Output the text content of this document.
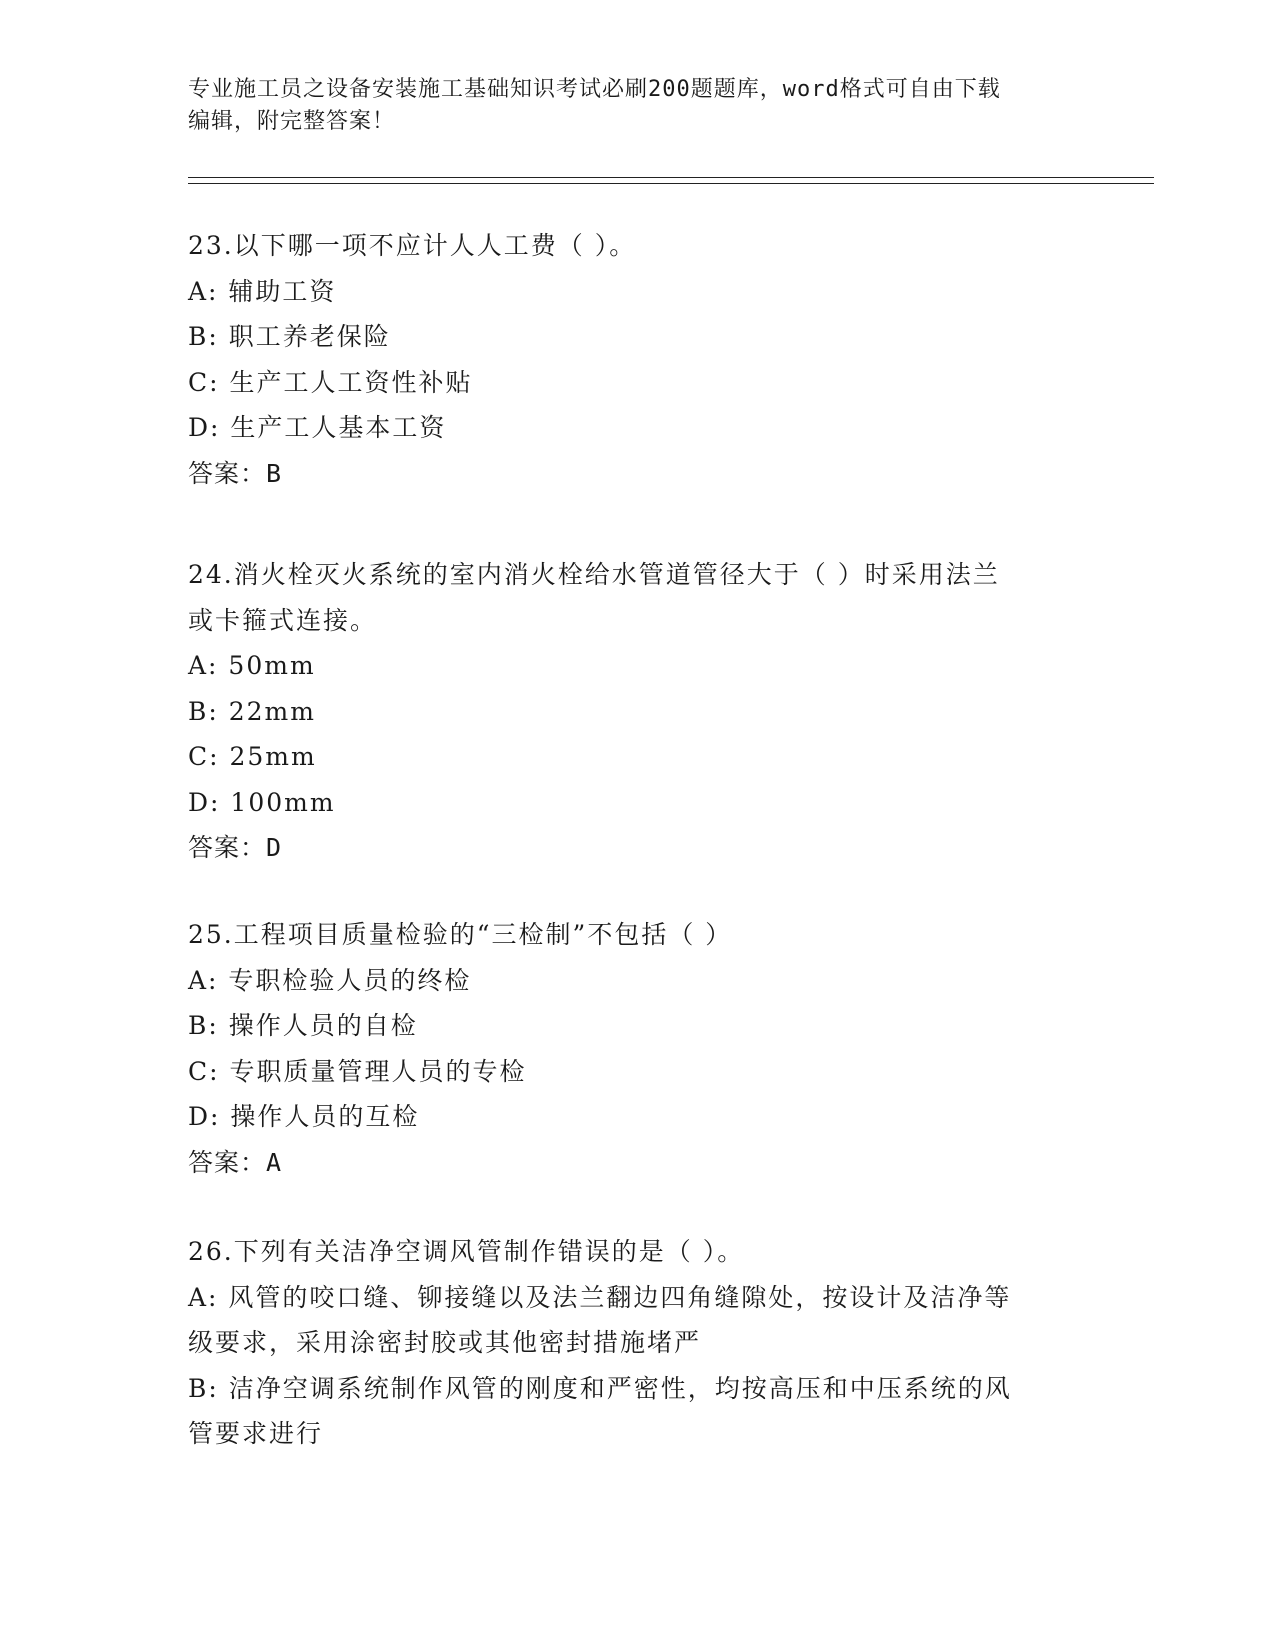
专业施工员之设备安装施工基础知识考试必刷200题题库，word格式可自由下载
编辑，附完整答案！
23.以下哪一项不应计人人工费（ ）。
A: 辅助工资
B: 职工养老保险
C: 生产工人工资性补贴
D: 生产工人基本工资
答案：B
24.消火栓灭火系统的室内消火栓给水管道管径大于（ ）时采用法兰
或卡箍式连接。
A: 50mm
B: 22mm
C: 25mm
D: 100mm
答案：D
25.工程项目质量检验的“三检制”不包括（ ）
A: 专职检验人员的终检
B: 操作人员的自检
C: 专职质量管理人员的专检
D: 操作人员的互检
答案：A
26.下列有关洁净空调风管制作错误的是（ ）。
A: 风管的咬口缝、铆接缝以及法兰翻边四角缝隙处，按设计及洁净等
级要求，采用涂密封胶或其他密封措施堵严
B: 洁净空调系统制作风管的刚度和严密性，均按高压和中压系统的风
管要求进行
